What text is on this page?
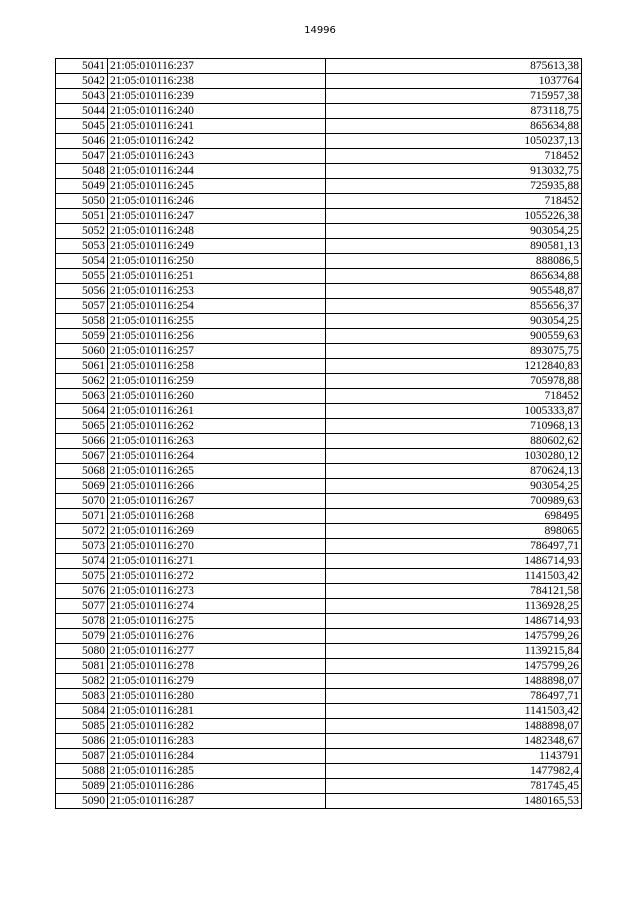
14996
5041	21:05:010116:237	875613,38
5042	21:05:010116:238	1037764
5043	21:05:010116:239	715957,38
5044	21:05:010116:240	873118,75
5045	21:05:010116:241	865634,88
5046	21:05:010116:242	1050237,13
5047	21:05:010116:243	718452
5048	21:05:010116:244	913032,75
5049	21:05:010116:245	725935,88
5050	21:05:010116:246	718452
5051	21:05:010116:247	1055226,38
5052	21:05:010116:248	903054,25
5053	21:05:010116:249	890581,13
5054	21:05:010116:250	888086,5
5055	21:05:010116:251	865634,88
5056	21:05:010116:253	905548,87
5057	21:05:010116:254	855656,37
5058	21:05:010116:255	903054,25
5059	21:05:010116:256	900559,63
5060	21:05:010116:257	893075,75
5061	21:05:010116:258	1212840,83
5062	21:05:010116:259	705978,88
5063	21:05:010116:260	718452
5064	21:05:010116:261	1005333,87
5065	21:05:010116:262	710968,13
5066	21:05:010116:263	880602,62
5067	21:05:010116:264	1030280,12
5068	21:05:010116:265	870624,13
5069	21:05:010116:266	903054,25
5070	21:05:010116:267	700989,63
5071	21:05:010116:268	698495
5072	21:05:010116:269	898065
5073	21:05:010116:270	786497,71
5074	21:05:010116:271	1486714,93
5075	21:05:010116:272	1141503,42
5076	21:05:010116:273	784121,58
5077	21:05:010116:274	1136928,25
5078	21:05:010116:275	1486714,93
5079	21:05:010116:276	1475799,26
5080	21:05:010116:277	1139215,84
5081	21:05:010116:278	1475799,26
5082	21:05:010116:279	1488898,07
5083	21:05:010116:280	786497,71
5084	21:05:010116:281	1141503,42
5085	21:05:010116:282	1488898,07
5086	21:05:010116:283	1482348,67
5087	21:05:010116:284	1143791
5088	21:05:010116:285	1477982,4
5089	21:05:010116:286	781745,45
5090	21:05:010116:287	1480165,53
